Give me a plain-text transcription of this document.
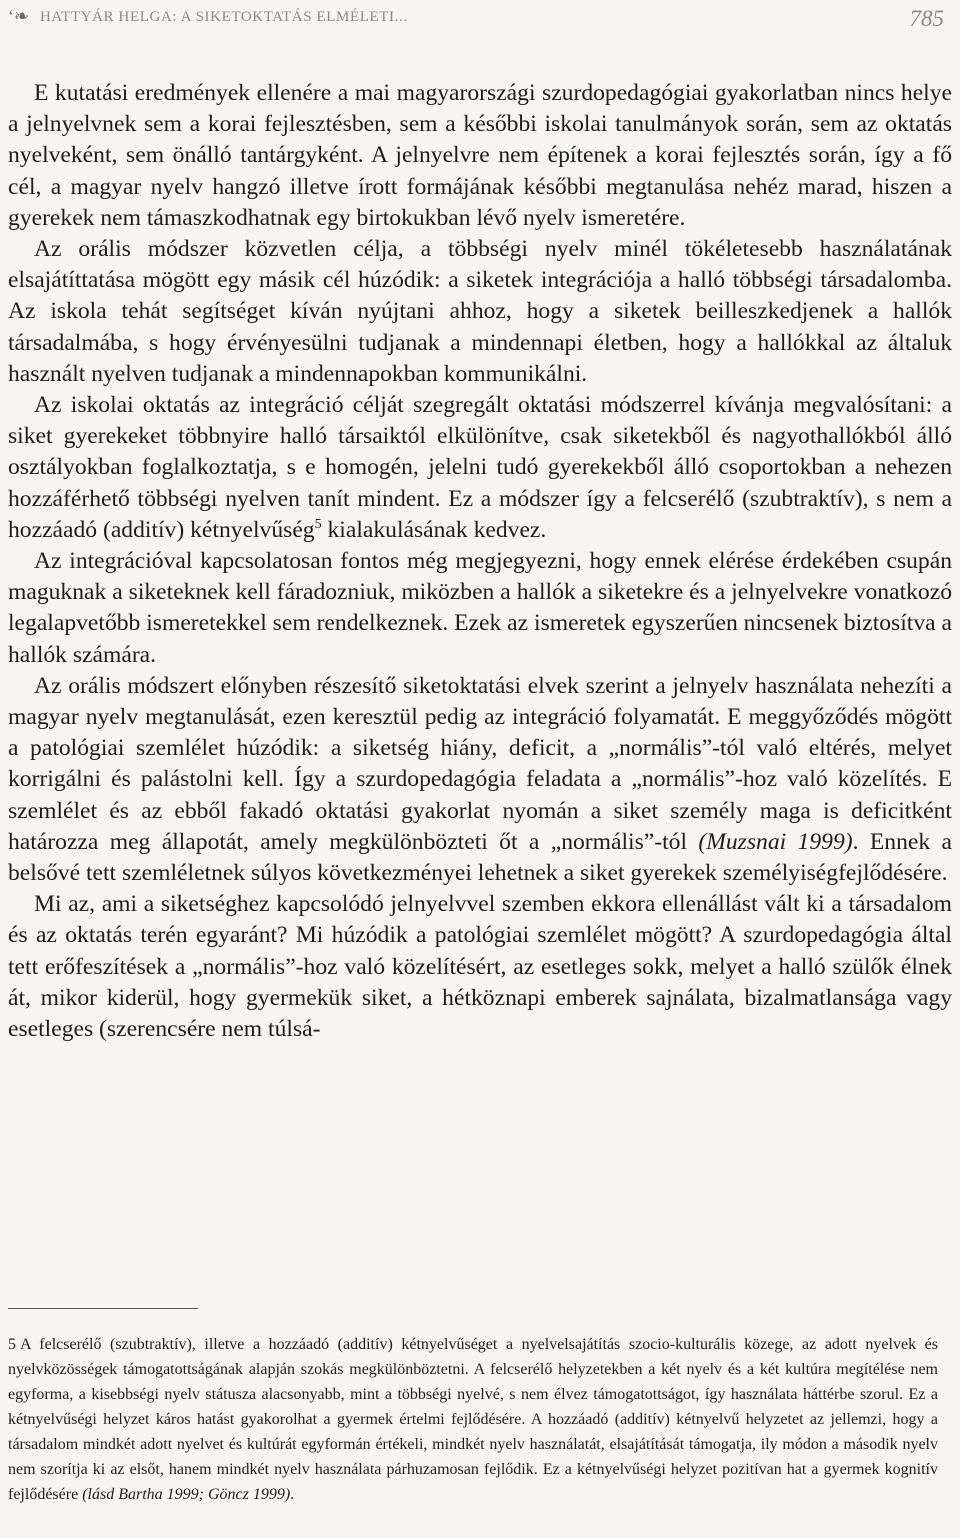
ʻ❧ HATTYÁR HELGA: A SIKETOKTATÁS ELMÉLETI...	785

E kutatási eredmények ellenére a mai magyarországi szurdopedagógiai gyakorlatban nincs helye a jelnyelvnek sem a korai fejlesztésben, sem a későbbi iskolai tanulmányok során, sem az oktatás nyelveként, sem önálló tantárgyként. A jelnyelvre nem építenek a korai fejlesztés során, így a fő cél, a magyar nyelv hangzó illetve írott formájának későbbi megtanulása nehéz marad, hiszen a gyerekek nem támaszkodhatnak egy birtokukban lévő nyelv ismeretére.

Az orális módszer közvetlen célja, a többségi nyelv minél tökéletesebb használatának elsajátíttatása mögött egy másik cél húzódik: a siketek integrációja a halló többségi társadalomba. Az iskola tehát segítséget kíván nyújtani ahhoz, hogy a siketek beilleszkedjenek a hallók társadalmába, s hogy érvényesülni tudjanak a mindennapi életben, hogy a hallókkal az általuk használt nyelven tudjanak a mindennapokban kommunikálni.

Az iskolai oktatás az integráció célját szegregált oktatási módszerrel kívánja megvalósítani: a siket gyerekeket többnyire halló társaiktól elkülönítve, csak siketekből és nagyothallókból álló osztályokban foglalkoztatja, s e homogén, jelelni tudó gyerekekből álló csoportokban a nehezen hozzáférhető többségi nyelven tanít mindent. Ez a módszer így a felcserélő (szubtraktív), s nem a hozzáadó (additív) kétnyelvűség$^5$ kialakulásának kedvez.

Az integrációval kapcsolatosan fontos még megjegyezni, hogy ennek elérése érdekében csupán maguknak a siketeknek kell fáradozniuk, miközben a hallók a siketekre és a jelnyelvekre vonatkozó legalapvetőbb ismeretekkel sem rendelkeznek. Ezek az ismeretek egyszerűen nincsenek biztosítva a hallók számára.

Az orális módszert előnyben részesítő siketoktatási elvek szerint a jelnyelv használata nehezíti a magyar nyelv megtanulását, ezen keresztül pedig az integráció folyamatát. E meggyőződés mögött a patológiai szemlélet húzódik: a siketség hiány, deficit, a „normális”-tól való eltérés, melyet korrigálni és palástolni kell. Így a szurdopedagógia feladata a „normális”-hoz való közelítés. E szemlélet és az ebből fakadó oktatási gyakorlat nyomán a siket személy maga is deficitként határozza meg állapotát, amely megkülönbözteti őt a „normális”-tól (Muzsnai 1999). Ennek a belsővé tett szemléletnek súlyos következményei lehetnek a siket gyerekek személyiségfejlődésére.

Mi az, ami a siketséghez kapcsolódó jelnyelvvel szemben ekkora ellenállást vált ki a társadalom és az oktatás terén egyaránt? Mi húzódik a patológiai szemlélet mögött? A szurdopedagógia által tett erőfeszítések a „normális”-hoz való közelítésért, az esetleges sokk, melyet a halló szülők élnek át, mikor kiderül, hogy gyermekük siket, a hétköznapi emberek sajnálata, bizalmatlansága vagy esetleges (szerencsére nem túlsá-

5 A felcserélő (szubtraktív), illetve a hozzáadó (additív) kétnyelvűséget a nyelvelsajátítás szocio-kulturális közege, az adott nyelvek és nyelvközösségek támogatottságának alapján szokás megkülönböztetni. A felcserélő helyzetekben a két nyelv és a két kultúra megítélése nem egyforma, a kisebbségi nyelv státusza alacsonyabb, mint a többségi nyelvé, s nem élvez támogatottságot, így használata háttérbe szorul. Ez a kétnyelvűségi helyzet káros hatást gyakorolhat a gyermek értelmi fejlődésére. A hozzáadó (additív) kétnyelvű helyzetet az jellemzi, hogy a társadalom mindkét adott nyelvet és kultúrát egyformán értékeli, mindkét nyelv használatát, elsajátítását támogatja, ily módon a második nyelv nem szorítja ki az elsőt, hanem mindkét nyelv használata párhuzamosan fejlődik. Ez a kétnyelvűségi helyzet pozitívan hat a gyermek kognitív fejlődésére (lásd Bartha 1999; Göncz 1999).
